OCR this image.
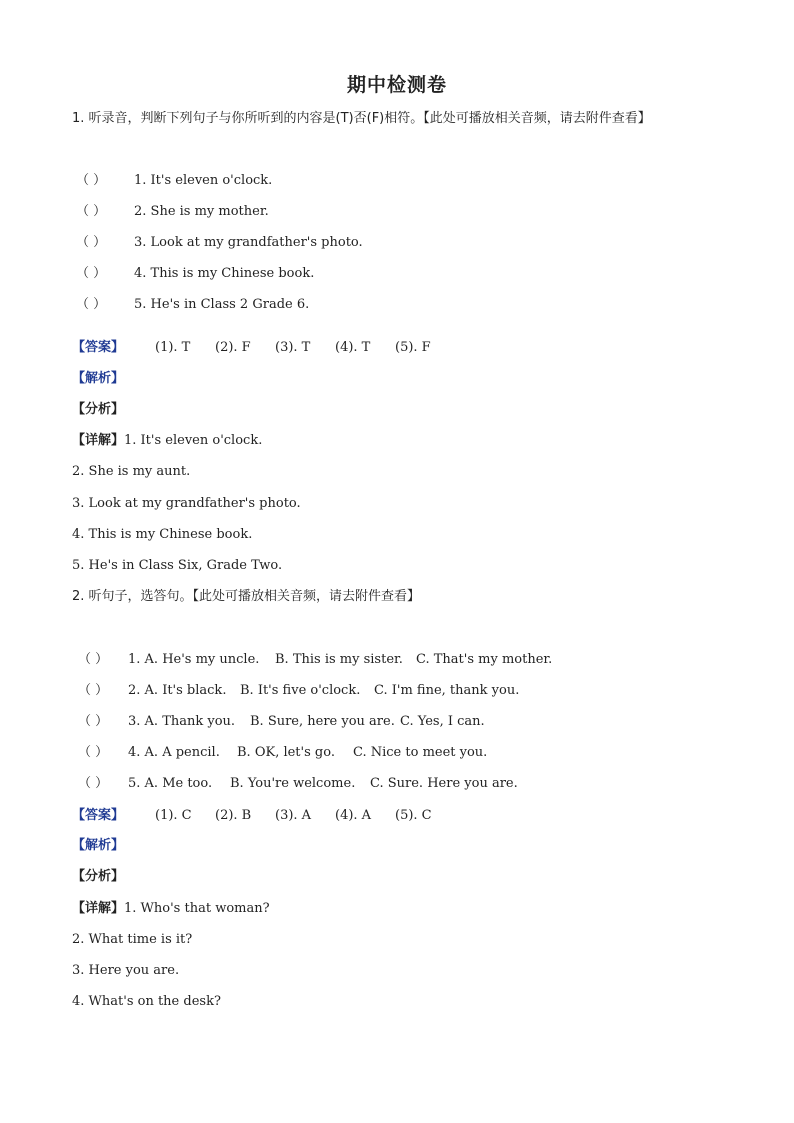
期中检测卷
1. 听录音，判断下列句子与你所听到的内容是(T)否(F)相符。【此处可播放相关音频，请去附件查看】
（ ） 1. It's eleven o'clock.
（ ） 2. She is my mother.
（ ） 3. Look at my grandfather's photo.
（ ） 4. This is my Chinese book.
（ ） 5. He's in Class 2 Grade 6.
【答案】 (1). T (2). F (3). T (4). T (5). F
【解析】
【分析】
【详解】1. It's eleven o'clock.
2. She is my aunt.
3. Look at my grandfather's photo.
4. This is my Chinese book.
5. He's in Class Six, Grade Two.
2. 听句子，选答句。【此处可播放相关音频，请去附件查看】
（ ） 1. A. He's my uncle. B. This is my sister. C. That's my mother.
（ ） 2. A. It's black. B. It's five o'clock. C. I'm fine, thank you.
（ ） 3. A. Thank you. B. Sure, here you are. C. Yes, I can.
（ ） 4. A. A pencil. B. OK, let's go. C. Nice to meet you.
（ ） 5. A. Me too. B. You're welcome. C. Sure. Here you are.
【答案】 (1). C (2). B (3). A (4). A (5). C
【解析】
【分析】
【详解】1. Who's that woman?
2. What time is it?
3. Here you are.
4. What's on the desk?
